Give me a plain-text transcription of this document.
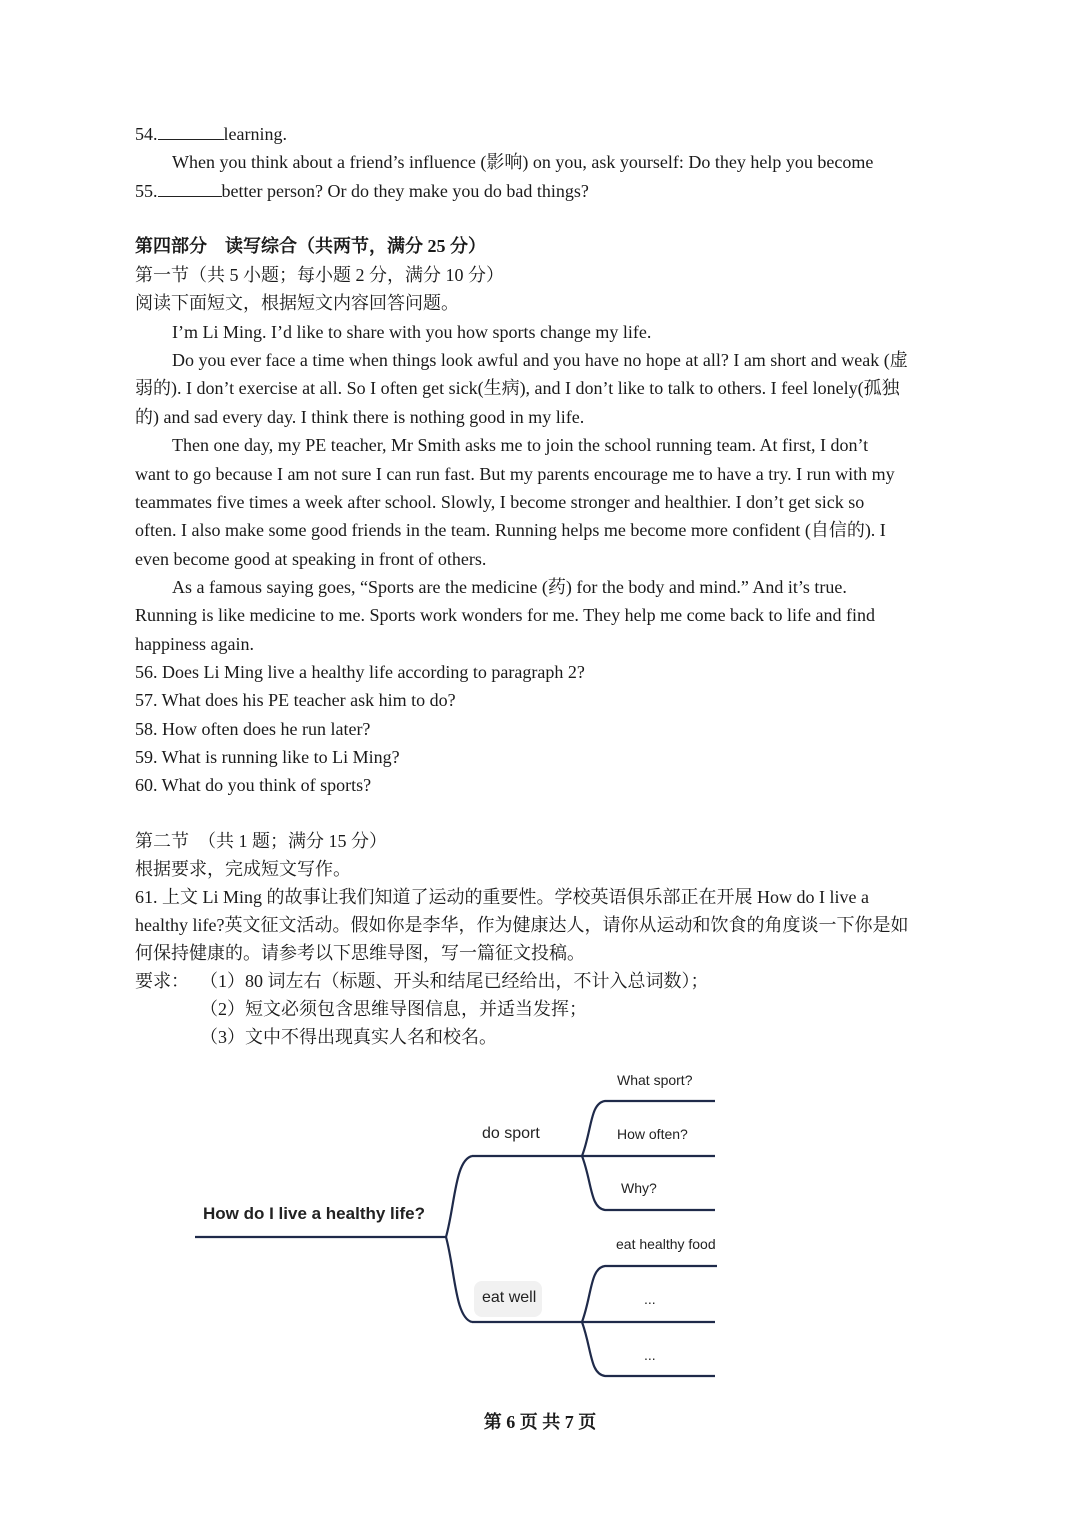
54.	learning.
When you think about a friend’s influence (影响) on you, ask yourself: Do they help you become
55.	better person? Or do they make you do bad things?
第四部分　读写综合（共两节，满分 25 分）
第一节（共 5 小题；每小题 2 分，满分 10 分）
阅读下面短文，根据短文内容回答问题。
I’m Li Ming. I’d like to share with you how sports change my life.
Do you ever face a time when things look awful and you have no hope at all? I am short and weak (虚
弱的). I don’t exercise at all. So I often get sick(生病), and I don’t like to talk to others. I feel lonely(孤独
的) and sad every day. I think there is nothing good in my life.
Then one day, my PE teacher, Mr Smith asks me to join the school running team. At first, I don’t
want to go because I am not sure I can run fast. But my parents encourage me to have a try. I run with my
teammates five times a week after school. Slowly, I become stronger and healthier. I don’t get sick so
often. I also make some good friends in the team. Running helps me become more confident (自信的). I
even become good at speaking in front of others.
As a famous saying goes, “Sports are the medicine (药) for the body and mind.” And it’s true.
Running is like medicine to me. Sports work wonders for me. They help me come back to life and find
happiness again.
56. Does Li Ming live a healthy life according to paragraph 2?
57. What does his PE teacher ask him to do?
58. How often does he run later?
59. What is running like to Li Ming?
60. What do you think of sports?
第二节　（共 1 题；满分 15 分）
根据要求，完成短文写作。
61. 上文 Li Ming 的故事让我们知道了运动的重要性。学校英语俱乐部正在开展 How do I live a
healthy life?英文征文活动。假如你是李华，作为健康达人，请你从运动和饮食的角度谈一下你是如
何保持健康的。请参考以下思维导图，写一篇征文投稿。
要求： （1）80 词左右（标题、开头和结尾已经给出，不计入总词数）；
（2）短文必须包含思维导图信息，并适当发挥；
（3）文中不得出现真实人名和校名。
How do I live a healthy life?
do sport
eat well
What sport?
How often?
Why?
eat healthy food
...
...
第 6 页 共 7 页
